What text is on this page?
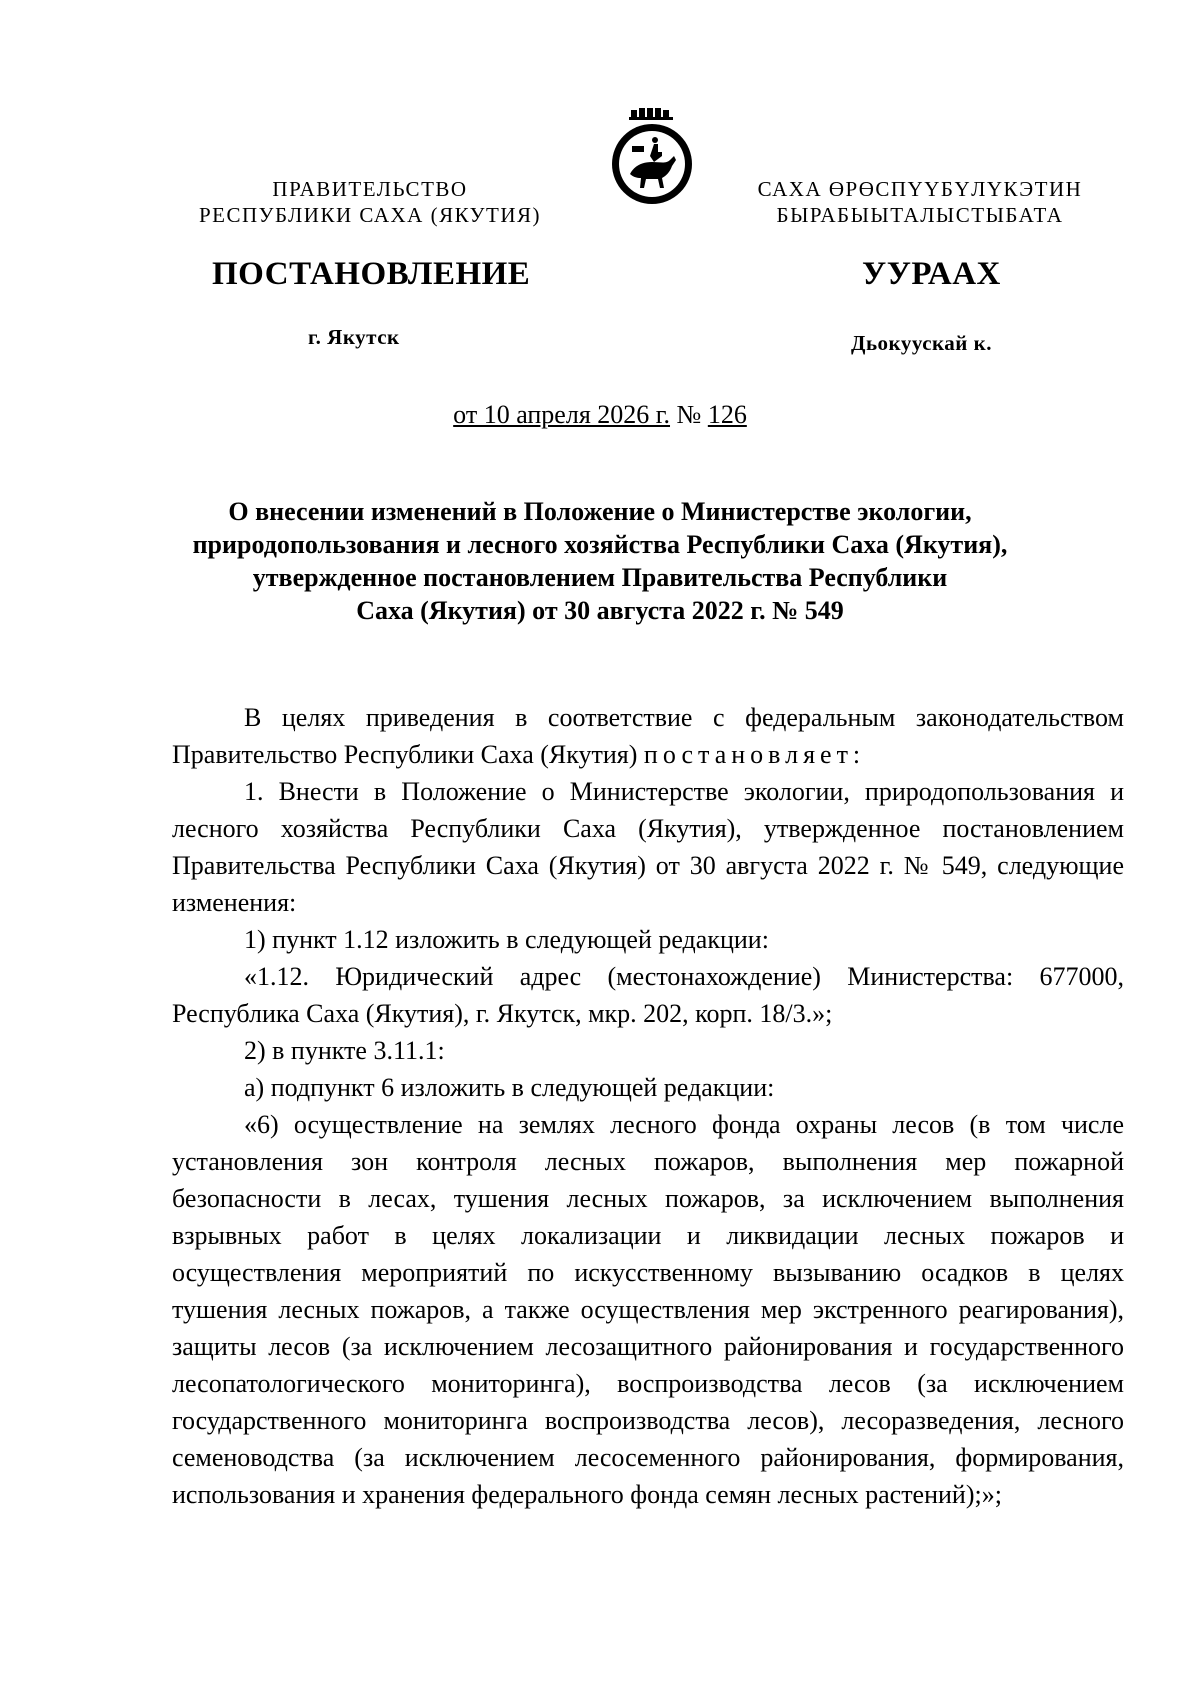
ПРАВИТЕЛЬСТВО
РЕСПУБЛИКИ САХА (ЯКУТИЯ)
САХА ӨРӨСПҮҮБҮЛҮКЭТИН
БЫРАБЫЫТАЛЫСТЫБАТА
ПОСТАНОВЛЕНИЕ	УУРААХ
г. Якутск	Дьокуускай к.
от 10 апреля 2026 г. № 126
О внесении изменений в Положение о Министерстве экологии,
природопользования и лесного хозяйства Республики Саха (Якутия),
утвержденное постановлением Правительства Республики
Саха (Якутия) от 30 августа 2022 г. № 549

В целях приведения в соответствие с федеральным законодательством Правительство Республики Саха (Якутия) постановляет:

1. Внести в Положение о Министерстве экологии, природопользования и лесного хозяйства Республики Саха (Якутия), утвержденное постановлением Правительства Республики Саха (Якутия) от 30 августа 2022 г. № 549, следующие изменения:

1) пункт 1.12 изложить в следующей редакции:

«1.12. Юридический адрес (местонахождение) Министерства: 677000, Республика Саха (Якутия), г. Якутск, мкр. 202, корп. 18/3.»;

2) в пункте 3.11.1:

а) подпункт 6 изложить в следующей редакции:

«6) осуществление на землях лесного фонда охраны лесов (в том числе установления зон контроля лесных пожаров, выполнения мер пожарной безопасности в лесах, тушения лесных пожаров, за исключением выполнения взрывных работ в целях локализации и ликвидации лесных пожаров и осуществления мероприятий по искусственному вызыванию осадков в целях тушения лесных пожаров, а также осуществления мер экстренного реагирования), защиты лесов (за исключением лесозащитного районирования и государственного лесопатологического мониторинга), воспроизводства лесов (за исключением государственного мониторинга воспроизводства лесов), лесоразведения, лесного семеноводства (за исключением лесосеменного районирования, формирования, использования и хранения федерального фонда семян лесных растений);»;
